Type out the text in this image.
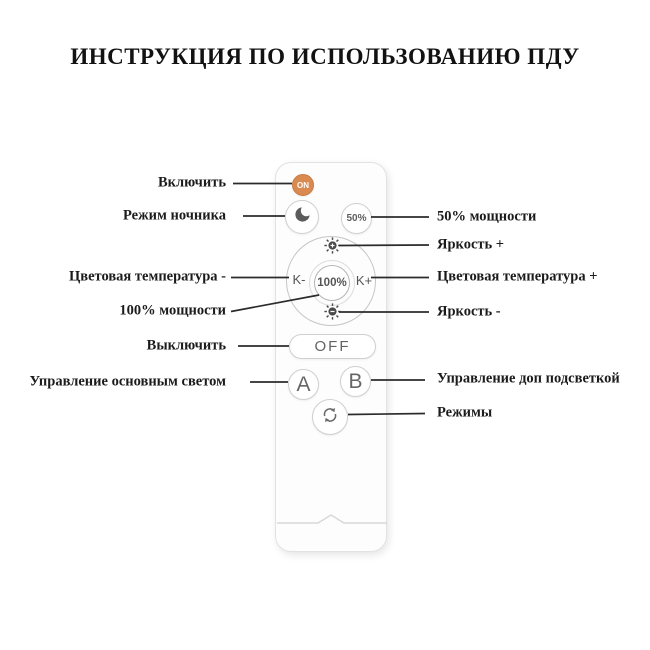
ИНСТРУКЦИЯ ПО ИСПОЛЬЗОВАНИЮ ПДУ
ON
50%
K- 100% K+
OFF
A B
Включить
Режим ночника
Цветовая температура -
100% мощности
Выключить
Управление основным светом
50% мощности
Яркость +
Цветовая температура +
Яркость -
Управление доп подсветкой
Режимы
